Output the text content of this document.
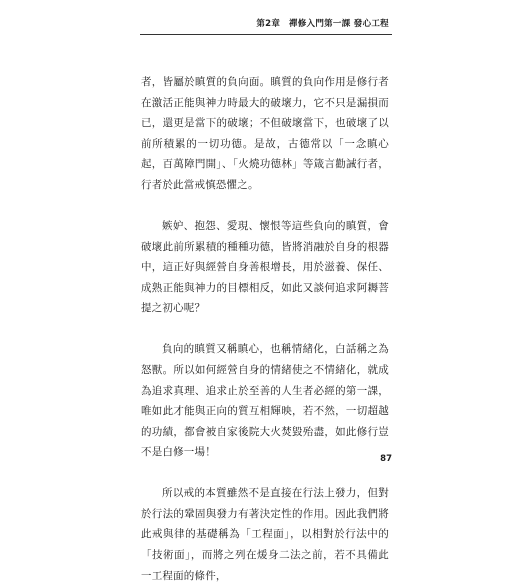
第2章　禪修入門第一課 發心工程

者，皆屬於瞋質的負向面。瞋質的負向作用是修行者在激活正能與神力時最大的破壞力，它不只是漏損而已，還更是當下的破壞；不但破壞當下，也破壞了以前所積累的一切功德。是故，古德常以「一念瞋心起，百萬障門開」、「火燒功德林」等箴言勸誡行者，行者於此當戒慎恐懼之。

嫉妒、抱怨、愛現、懷恨等這些負向的瞋質，會破壞此前所累積的種種功德，皆將消融於自身的根器中，這正好與經營自身善根增長，用於滋養、保任、成熟正能與神力的目標相反，如此又談何追求阿耨菩提之初心呢？

負向的瞋質又稱瞋心，也稱情緒化，白話稱之為怒獸。所以如何經營自身的情緒使之不情緒化，就成為追求真理、追求止於至善的人生者必經的第一課，唯如此才能與正向的質互相輝映，若不然，一切超越的功績，都會被自家後院大火焚毀殆盡，如此修行豈不是白修一場！

所以戒的本質雖然不是直接在行法上發力，但對於行法的鞏固與發力有著決定性的作用。因此我們將此戒與律的基礎稱為「工程面」，以相對於行法中的「技術面」，而將之列在煖身二法之前，若不具備此一工程面的條件，

87
